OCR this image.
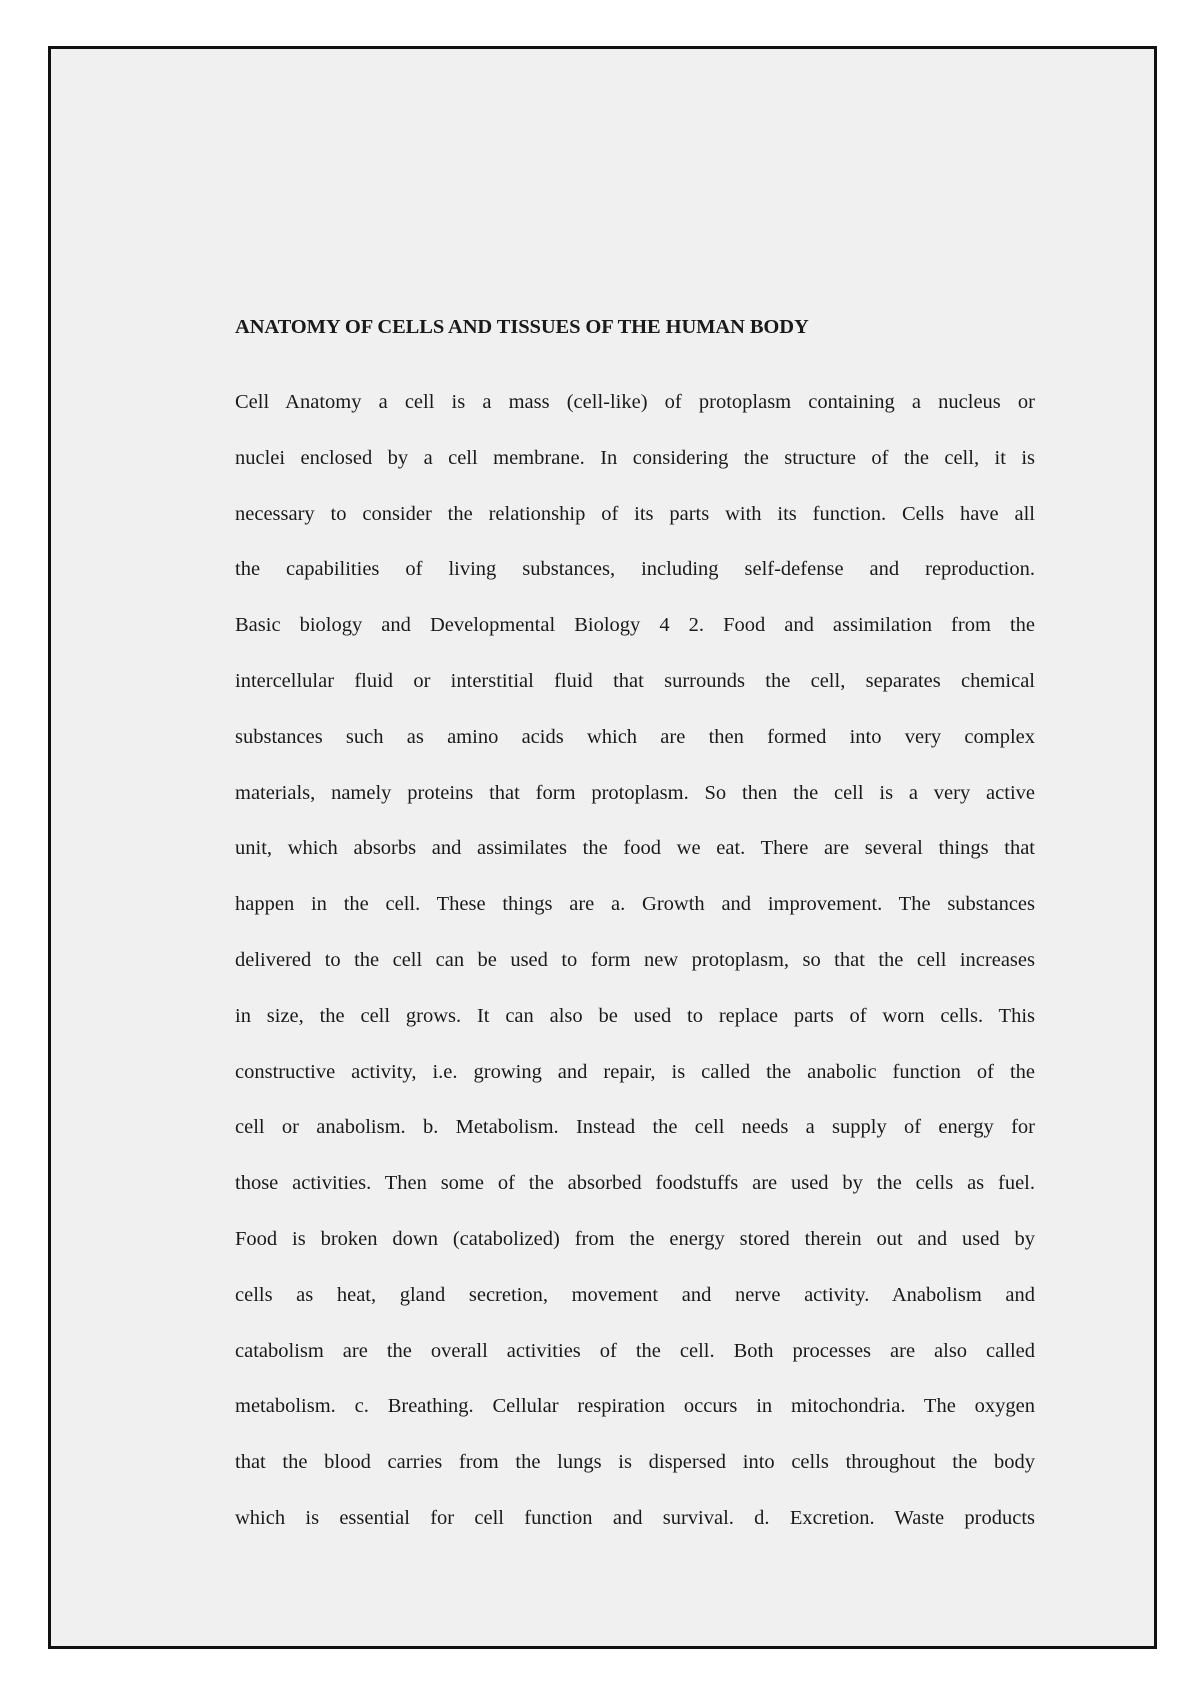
ANATOMY OF CELLS AND TISSUES OF THE HUMAN BODY
Cell Anatomy a cell is a mass (cell-like) of protoplasm containing a nucleus or
nuclei enclosed by a cell membrane. In considering the structure of the cell, it is
necessary to consider the relationship of its parts with its function. Cells have all
the capabilities of living substances, including self-defense and reproduction.
Basic biology and Developmental Biology 4 2. Food and assimilation from the
intercellular fluid or interstitial fluid that surrounds the cell, separates chemical
substances such as amino acids which are then formed into very complex
materials, namely proteins that form protoplasm. So then the cell is a very active
unit, which absorbs and assimilates the food we eat. There are several things that
happen in the cell. These things are a. Growth and improvement. The substances
delivered to the cell can be used to form new protoplasm, so that the cell increases
in size, the cell grows. It can also be used to replace parts of worn cells. This
constructive activity, i.e. growing and repair, is called the anabolic function of the
cell or anabolism. b. Metabolism. Instead the cell needs a supply of energy for
those activities. Then some of the absorbed foodstuffs are used by the cells as fuel.
Food is broken down (catabolized) from the energy stored therein out and used by
cells as heat, gland secretion, movement and nerve activity. Anabolism and
catabolism are the overall activities of the cell. Both processes are also called
metabolism. c. Breathing. Cellular respiration occurs in mitochondria. The oxygen
that the blood carries from the lungs is dispersed into cells throughout the body
which is essential for cell function and survival. d. Excretion. Waste products
